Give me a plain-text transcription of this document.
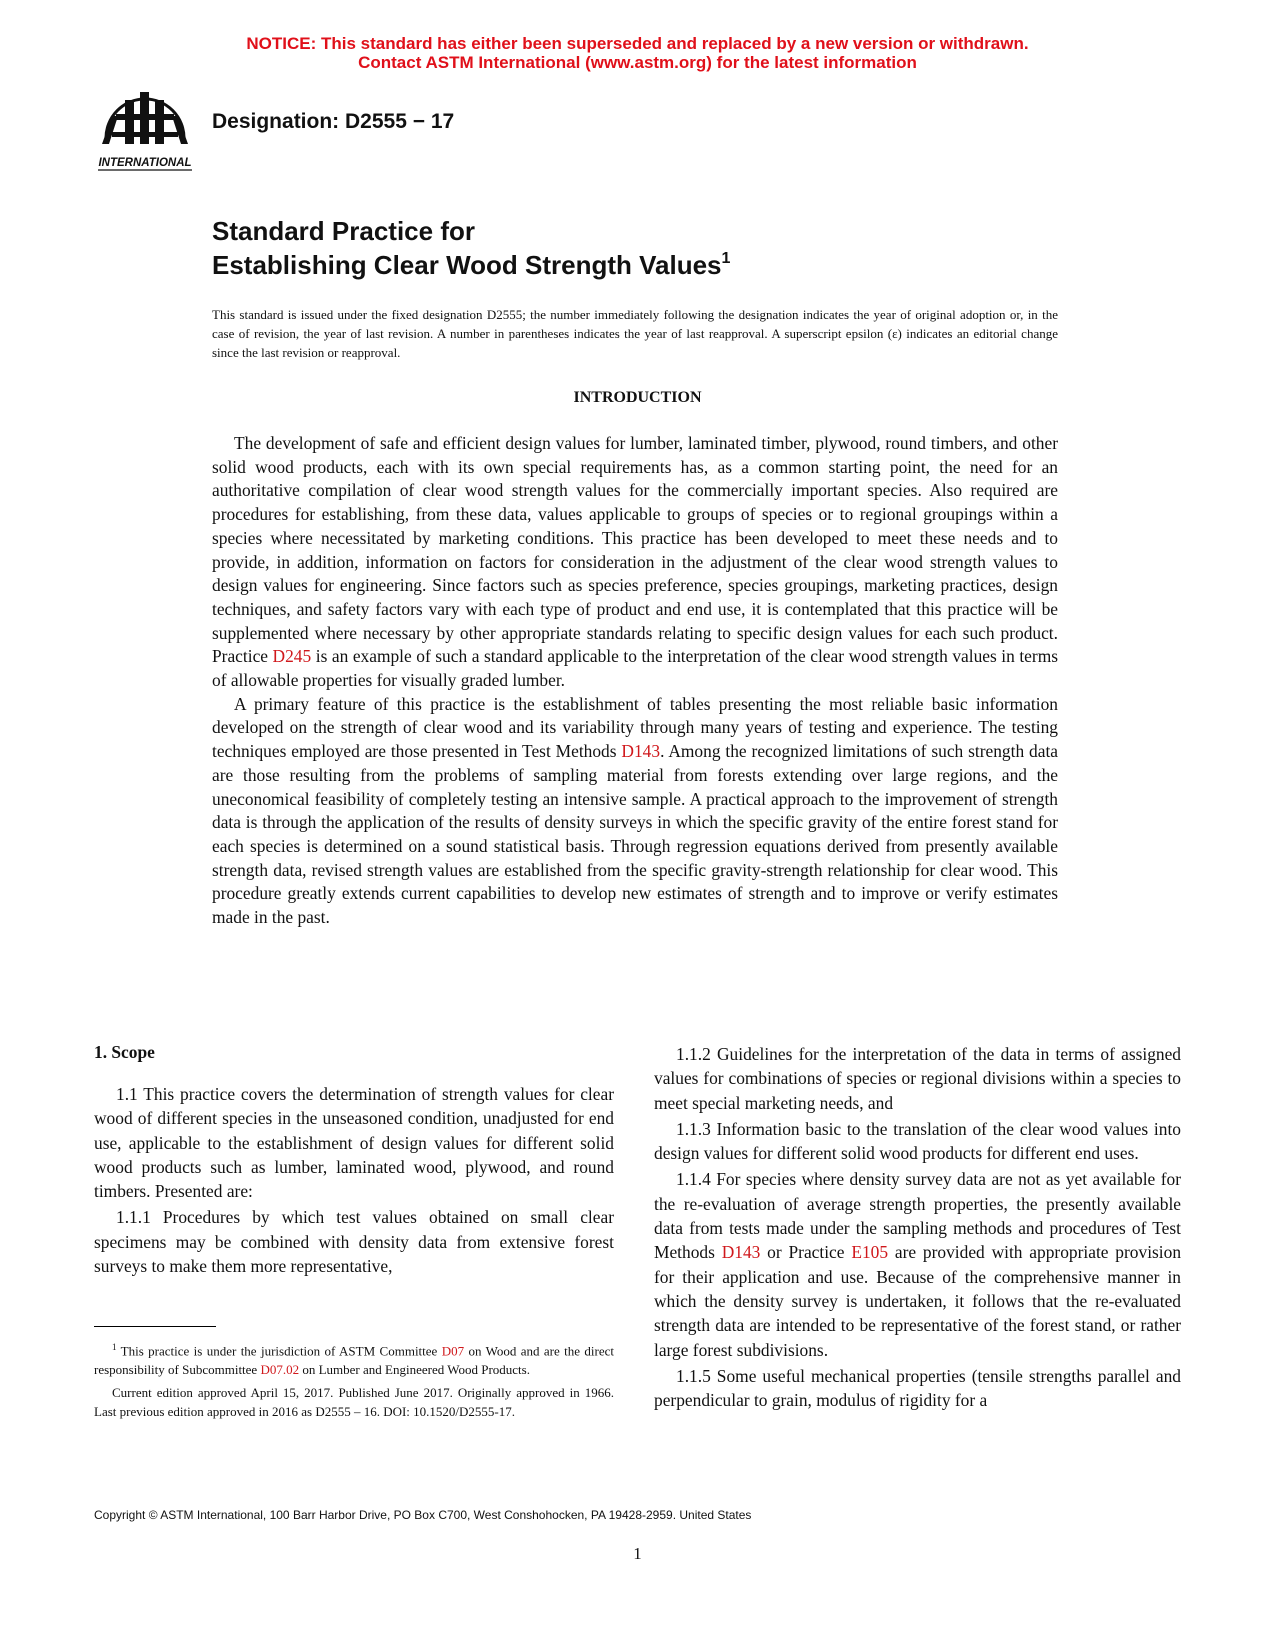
NOTICE: This standard has either been superseded and replaced by a new version or withdrawn.
Contact ASTM International (www.astm.org) for the latest information
INTERNATIONAL
Designation: D2555 − 17
Standard Practice for
Establishing Clear Wood Strength Values$^1$
This standard is issued under the fixed designation D2555; the number immediately following the designation indicates the year of original adoption or, in the case of revision, the year of last revision. A number in parentheses indicates the year of last reapproval. A superscript epsilon (ε) indicates an editorial change since the last revision or reapproval.
INTRODUCTION

The development of safe and efficient design values for lumber, laminated timber, plywood, round timbers, and other solid wood products, each with its own special requirements has, as a common starting point, the need for an authoritative compilation of clear wood strength values for the commercially important species. Also required are procedures for establishing, from these data, values applicable to groups of species or to regional groupings within a species where necessitated by marketing conditions. This practice has been developed to meet these needs and to provide, in addition, information on factors for consideration in the adjustment of the clear wood strength values to design values for engineering. Since factors such as species preference, species groupings, marketing practices, design techniques, and safety factors vary with each type of product and end use, it is contemplated that this practice will be supplemented where necessary by other appropriate standards relating to specific design values for each such product. Practice D245 is an example of such a standard applicable to the interpretation of the clear wood strength values in terms of allowable properties for visually graded lumber.

A primary feature of this practice is the establishment of tables presenting the most reliable basic information developed on the strength of clear wood and its variability through many years of testing and experience. The testing techniques employed are those presented in Test Methods D143. Among the recognized limitations of such strength data are those resulting from the problems of sampling material from forests extending over large regions, and the uneconomical feasibility of completely testing an intensive sample. A practical approach to the improvement of strength data is through the application of the results of density surveys in which the specific gravity of the entire forest stand for each species is determined on a sound statistical basis. Through regression equations derived from presently available strength data, revised strength values are established from the specific gravity-strength relationship for clear wood. This procedure greatly extends current capabilities to develop new estimates of strength and to improve or verify estimates made in the past.

1. Scope

1.1 This practice covers the determination of strength values for clear wood of different species in the unseasoned condition, unadjusted for end use, applicable to the establishment of design values for different solid wood products such as lumber, laminated wood, plywood, and round timbers. Presented are:

1.1.1 Procedures by which test values obtained on small clear specimens may be combined with density data from extensive forest surveys to make them more representative,

1.1.2 Guidelines for the interpretation of the data in terms of assigned values for combinations of species or regional divisions within a species to meet special marketing needs, and

1.1.3 Information basic to the translation of the clear wood values into design values for different solid wood products for different end uses.

1.1.4 For species where density survey data are not as yet available for the re-evaluation of average strength properties, the presently available data from tests made under the sampling methods and procedures of Test Methods D143 or Practice E105 are provided with appropriate provision for their application and use. Because of the comprehensive manner in which the density survey is undertaken, it follows that the re-evaluated strength data are intended to be representative of the forest stand, or rather large forest subdivisions.

1.1.5 Some useful mechanical properties (tensile strengths parallel and perpendicular to grain, modulus of rigidity for a

$^1$ This practice is under the jurisdiction of ASTM Committee D07 on Wood and are the direct responsibility of Subcommittee D07.02 on Lumber and Engineered Wood Products.

Current edition approved April 15, 2017. Published June 2017. Originally approved in 1966. Last previous edition approved in 2016 as D2555 – 16. DOI: 10.1520/D2555-17.

Copyright © ASTM International, 100 Barr Harbor Drive, PO Box C700, West Conshohocken, PA 19428-2959. United States
1
